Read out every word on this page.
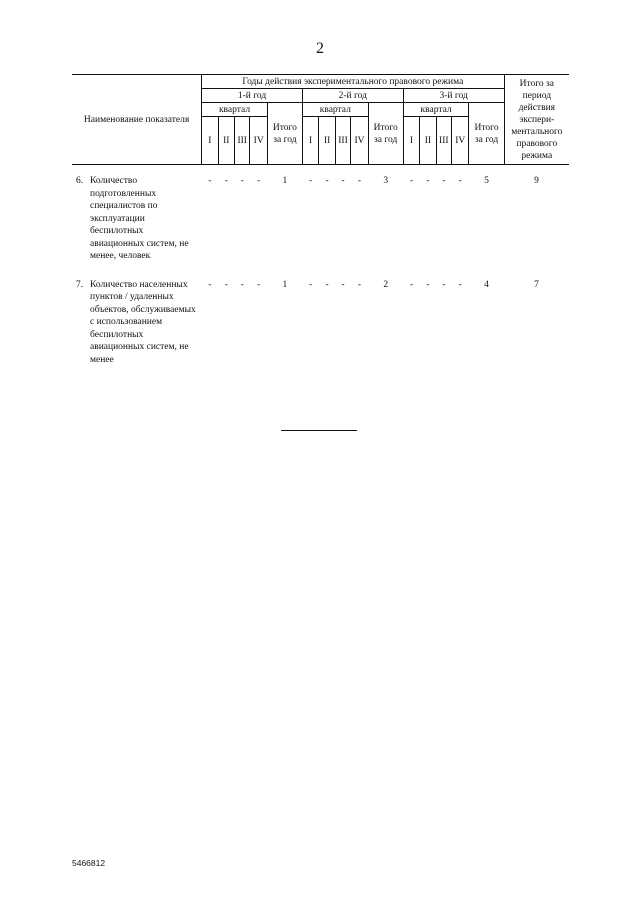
2
Наименование показателя	Годы действия экспериментального правового режима															Итого за период действия экспери-ментального правового режима
	1-й год					2-й год					3-й год					
	квартал				Итого за год	квартал				Итого за год	квартал				Итого за год	
	I	II	III	IV		I	II	III	IV		I	II	III	IV		
6. Количество подготовленных специалистов по эксплуатации беспилотных авиационных систем, не менее, человек	-	-	-	-	1	-	-	-	-	3	-	-	-	-	5	9

7. Количество населенных пунктов / удаленных объектов, обслуживаемых с использованием беспилотных авиационных систем, не менее	-	-	-	-	1	-	-	-	-	2	-	-	-	-	4	7
5466812
